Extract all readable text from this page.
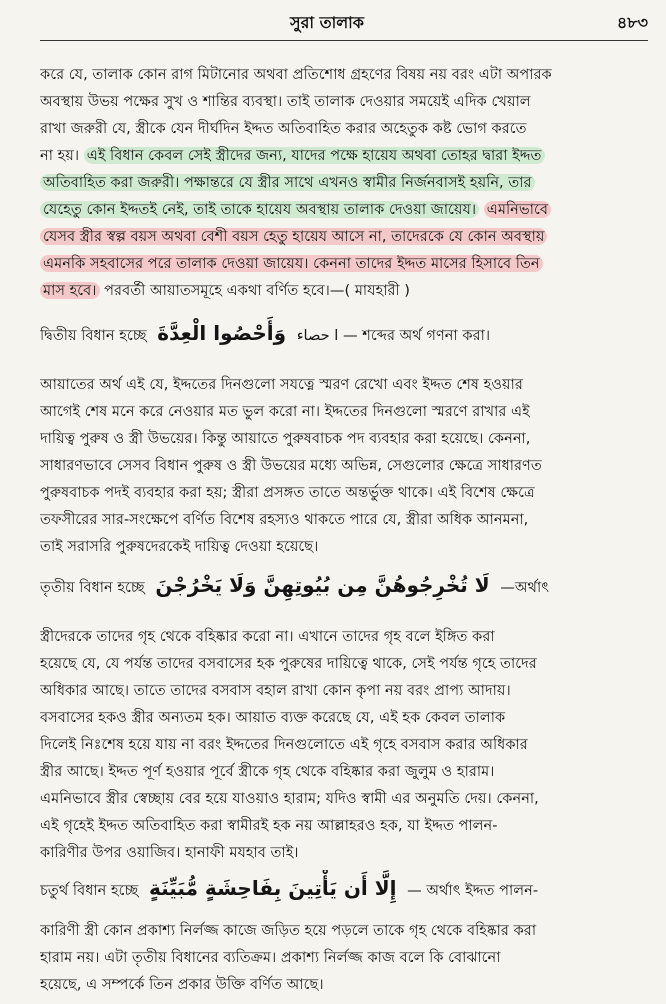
সুরা তালাক	৪৮৩
করে যে, তালাক কোন রাগ মিটানোর অথবা প্রতিশোধ গ্রহণের বিষয় নয় বরং এটা অপারক
অবস্থায় উভয় পক্ষের সুখ ও শান্তির ব্যবস্থা। তাই তালাক দেওয়ার সময়েই এদিক খেয়াল
রাখা জরুরী যে, স্ত্রীকে যেন দীর্ঘদিন ইদ্দত অতিবাহিত করার অহেতুক কষ্ট ভোগ করতে
না হয়। এই বিধান কেবল সেই স্ত্রীদের জন্য, যাদের পক্ষে হায়েয অথবা তোহর দ্বারা ইদ্দত
অতিবাহিত করা জরুরী। পক্ষান্তরে যে স্ত্রীর সাথে এখনও স্বামীর নির্জনবাসই হয়নি, তার
যেহেতু কোন ইদ্দতই নেই, তাই তাকে হায়েয অবস্থায় তালাক দেওয়া জায়েয। এমনিভাবে
যেসব স্ত্রীর স্বল্প বয়স অথবা বেশী বয়স হেতু হায়েয আসে না, তাদেরকে যে কোন অবস্থায়
এমনকি সহবাসের পরে তালাক দেওয়া জায়েয। কেননা তাদের ইদ্দত মাসের হিসাবে তিন
মাস হবে। পরবর্তী আয়াতসমূহে একথা বর্ণিত হবে।—( মাযহারী )
দ্বিতীয় বিধান হচ্ছে وَأَحْصُوا الْعِدَّةَ ا حصاء — শব্দের অর্থ গণনা করা।
আয়াতের অর্থ এই যে, ইদ্দতের দিনগুলো সযত্নে স্মরণ রেখো এবং ইদ্দত শেষ হওয়ার
আগেই শেষ মনে করে নেওয়ার মত ভুল করো না। ইদ্দতের দিনগুলো স্মরণে রাখার এই
দায়িত্ব পুরুষ ও স্ত্রী উভয়ের। কিন্তু আয়াতে পুরুষবাচক পদ ব্যবহার করা হয়েছে। কেননা,
সাধারণভাবে সেসব বিধান পুরুষ ও স্ত্রী উভয়ের মধ্যে অভিন্ন, সেগুলোর ক্ষেত্রে সাধারণত
পুরুষবাচক পদই ব্যবহার করা হয়; স্ত্রীরা প্রসঙ্গত তাতে অন্তর্ভুক্ত থাকে। এই বিশেষ ক্ষেত্রে
তফসীরের সার-সংক্ষেপে বর্ণিত বিশেষ রহস্যও থাকতে পারে যে, স্ত্রীরা অধিক আনমনা,
তাই সরাসরি পুরুষদেরকেই দায়িত্ব দেওয়া হয়েছে।
তৃতীয় বিধান হচ্ছে لَا تُخْرِجُوهُنَّ مِن بُيُوتِهِنَّ وَلَا يَخْرُجْنَ —অর্থাৎ
স্ত্রীদেরকে তাদের গৃহ থেকে বহিষ্কার করো না। এখানে তাদের গৃহ বলে ইঙ্গিত করা
হয়েছে যে, যে পর্যন্ত তাদের বসবাসের হক পুরুষের দায়িত্বে থাকে, সেই পর্যন্ত গৃহে তাদের
অধিকার আছে। তাতে তাদের বসবাস বহাল রাখা কোন কৃপা নয় বরং প্রাপ্য আদায়।
বসবাসের হকও স্ত্রীর অন্যতম হক। আয়াত ব্যক্ত করেছে যে, এই হক কেবল তালাক
দিলেই নিঃশেষ হয়ে যায় না বরং ইদ্দতের দিনগুলোতে এই গৃহে বসবাস করার অধিকার
স্ত্রীর আছে। ইদ্দত পূর্ণ হওয়ার পূর্বে স্ত্রীকে গৃহ থেকে বহিষ্কার করা জুলুম ও হারাম।
এমনিভাবে স্ত্রীর স্বেচ্ছায় বের হয়ে যাওয়াও হারাম; যদিও স্বামী এর অনুমতি দেয়। কেননা,
এই গৃহেই ইদ্দত অতিবাহিত করা স্বামীরই হক নয় আল্লাহরও হক, যা ইদ্দত পালন-
কারিণীর উপর ওয়াজিব। হানাফী মযহাব তাই।
চতুর্থ বিধান হচ্ছে إِلَّا أَن يَأْتِينَ بِفَاحِشَةٍ مُّبَيِّنَةٍ — অর্থাৎ ইদ্দত পালন-
কারিণী স্ত্রী কোন প্রকাশ্য নির্লজ্জ কাজে জড়িত হয়ে পড়লে তাকে গৃহ থেকে বহিষ্কার করা
হারাম নয়। এটা তৃতীয় বিধানের ব্যতিক্রম। প্রকাশ্য নির্লজ্জ কাজ বলে কি বোঝানো
হয়েছে, এ সম্পর্কে তিন প্রকার উক্তি বর্ণিত আছে।
